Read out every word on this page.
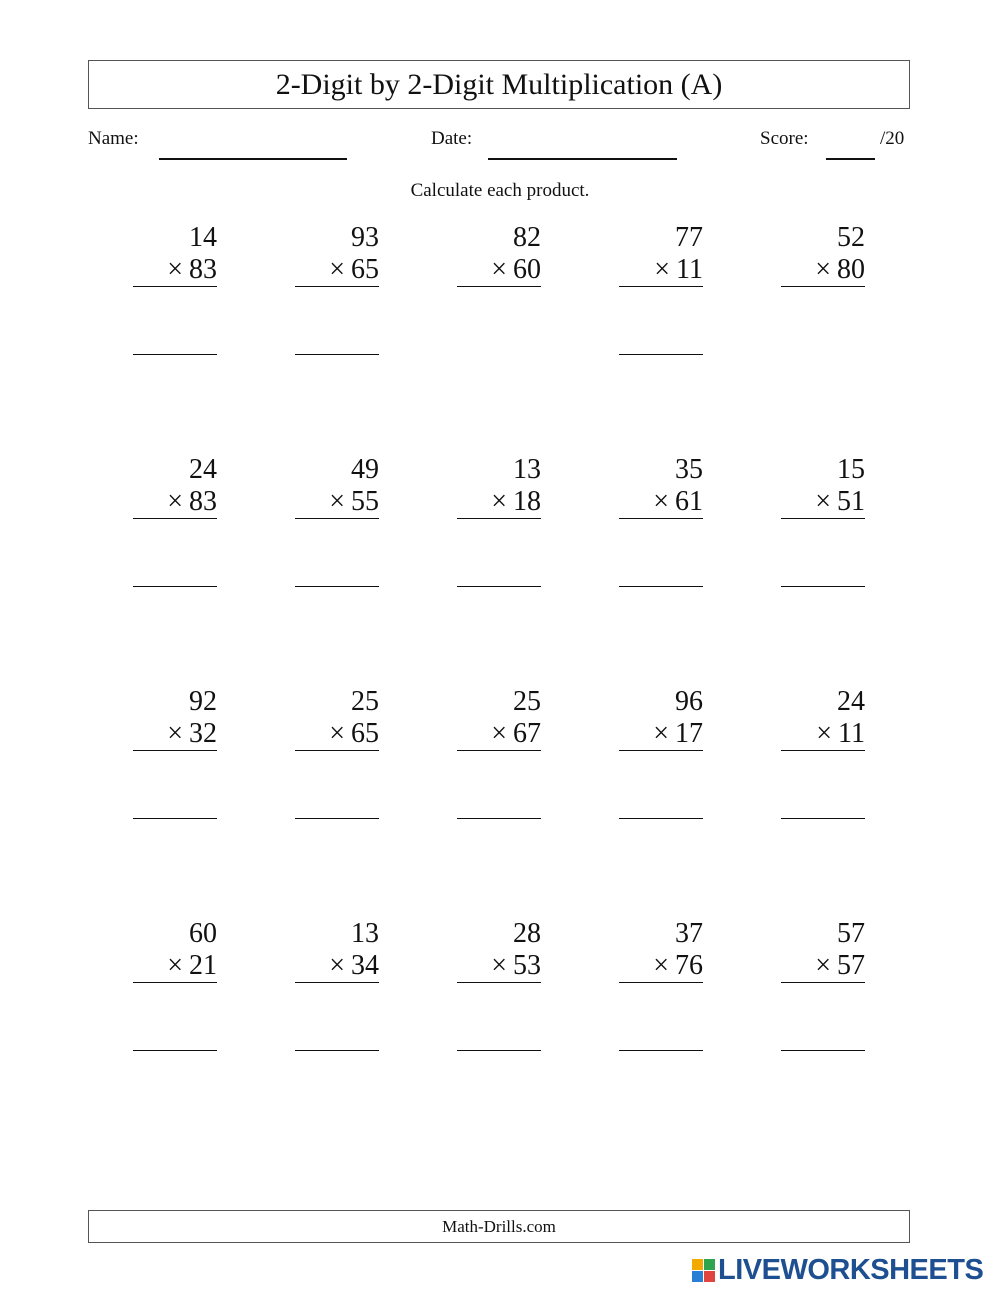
2-Digit by 2-Digit Multiplication (A)
Name:	Date:	Score:	/20
Calculate each product.
14
× 83
93
× 65
82
× 60
77
× 11
52
× 80
24
× 83
49
× 55
13
× 18
35
× 61
15
× 51
92
× 32
25
× 65
25
× 67
96
× 17
24
× 11
60
× 21
13
× 34
28
× 53
37
× 76
57
× 57
Math-Drills.com
LIVEWORKSHEETS
